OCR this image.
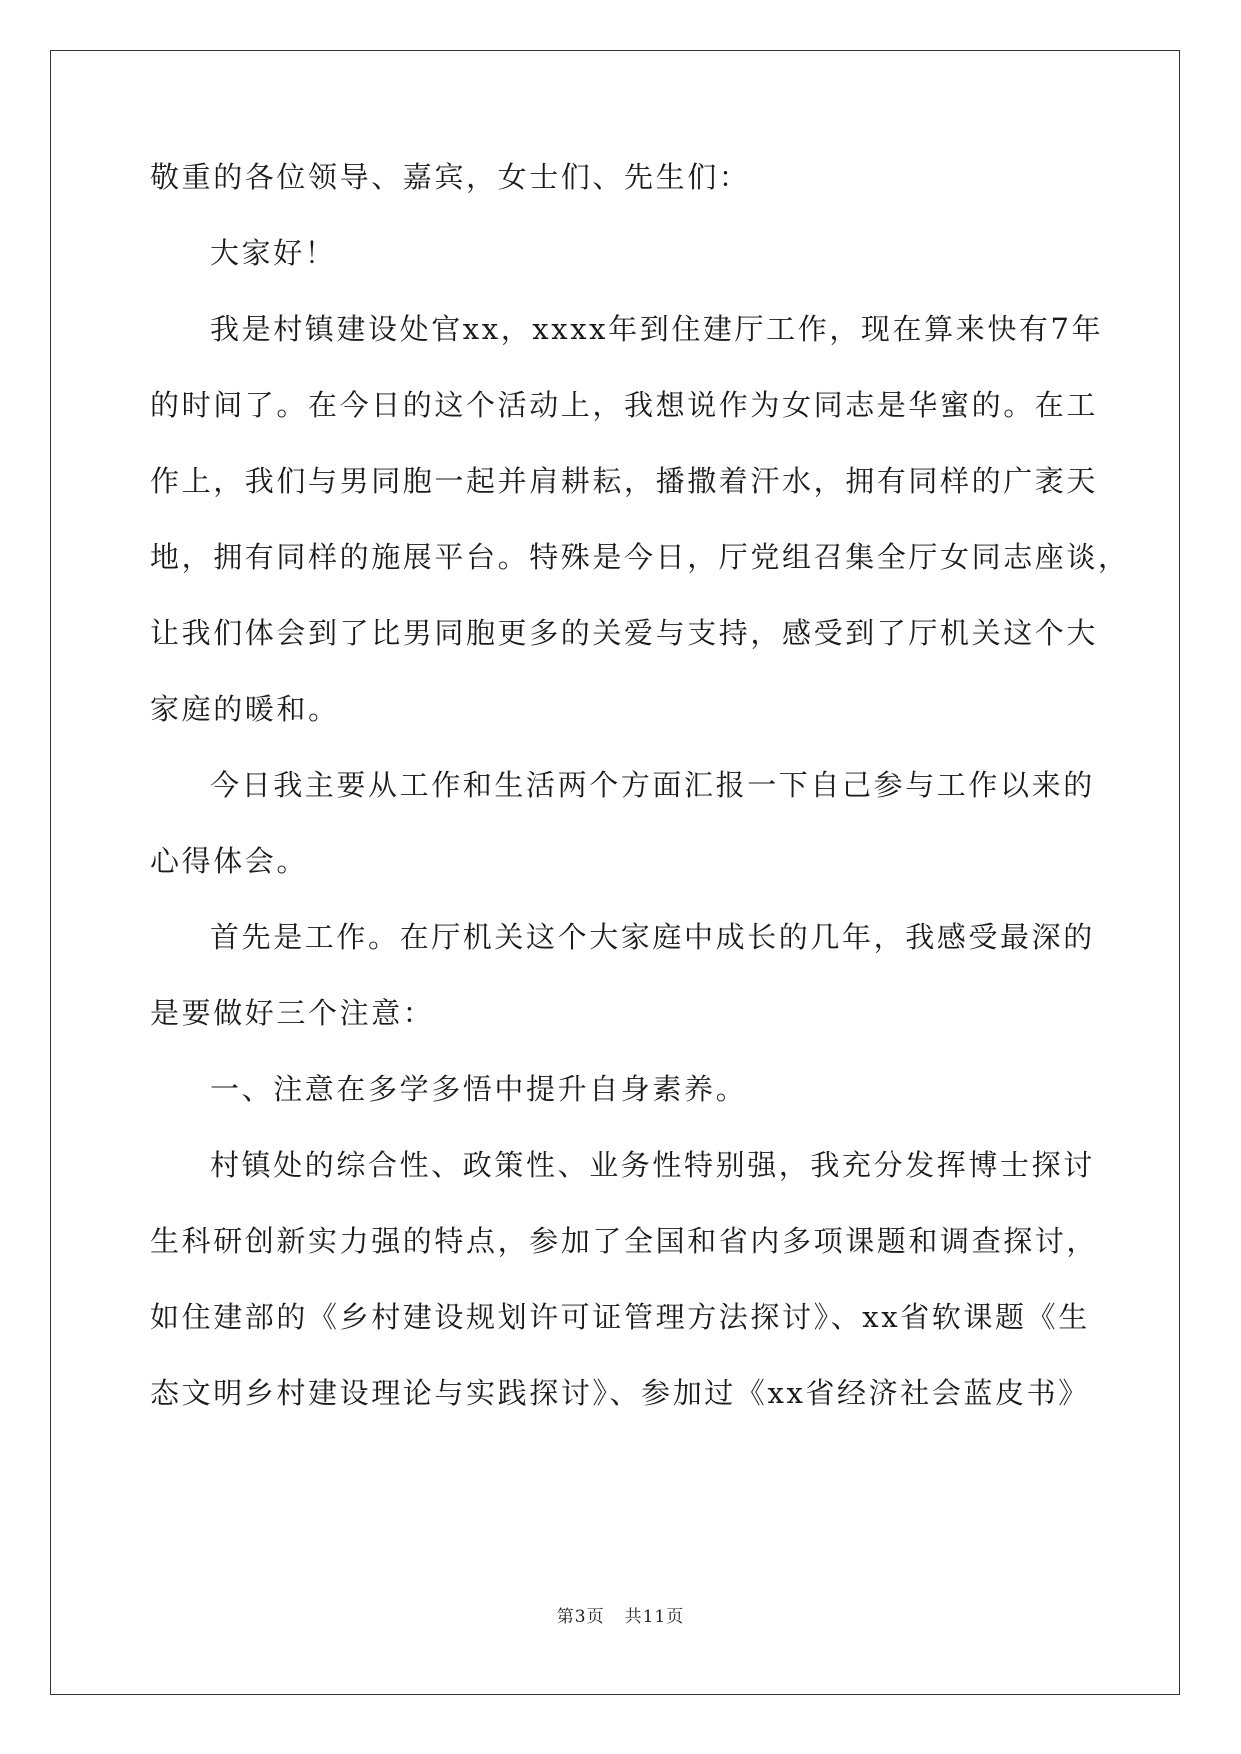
敬重的各位领导、嘉宾，女士们、先生们：
大家好！
我是村镇建设处官xx，xxxx年到住建厅工作，现在算来快有7年
的时间了。在今日的这个活动上，我想说作为女同志是华蜜的。在工
作上，我们与男同胞一起并肩耕耘，播撒着汗水，拥有同样的广袤天
地，拥有同样的施展平台。特殊是今日，厅党组召集全厅女同志座谈，
让我们体会到了比男同胞更多的关爱与支持，感受到了厅机关这个大
家庭的暖和。
今日我主要从工作和生活两个方面汇报一下自己参与工作以来的
心得体会。
首先是工作。在厅机关这个大家庭中成长的几年，我感受最深的
是要做好三个注意：
一、注意在多学多悟中提升自身素养。
村镇处的综合性、政策性、业务性特别强，我充分发挥博士探讨
生科研创新实力强的特点，参加了全国和省内多项课题和调查探讨，
如住建部的《乡村建设规划许可证管理方法探讨》、xx省软课题《生
态文明乡村建设理论与实践探讨》、参加过《xx省经济社会蓝皮书》
第3页 共11页
